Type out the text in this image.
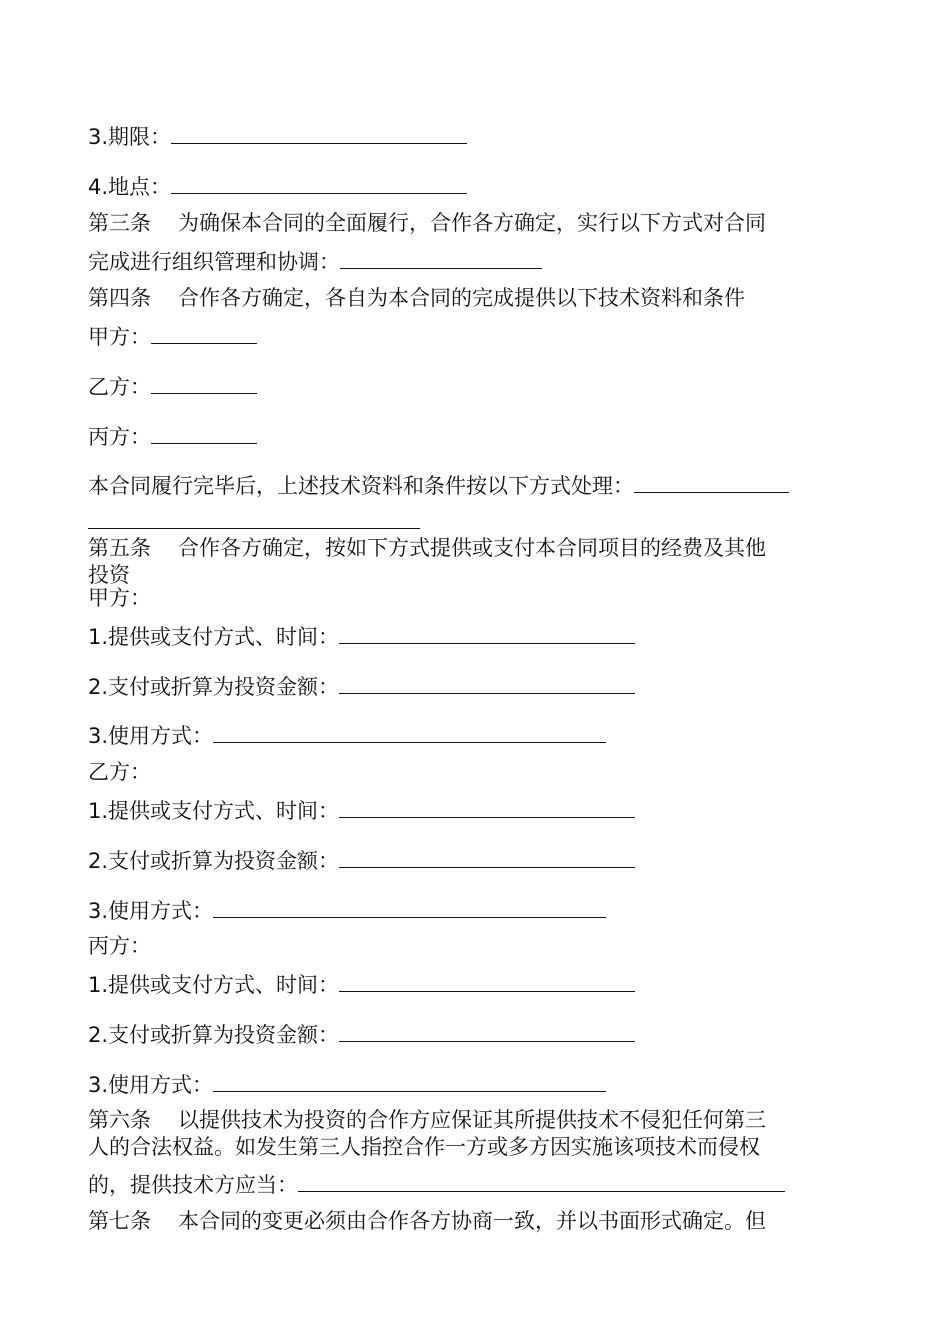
3.期限：

4.地点：

第三条 为确保本合同的全面履行，合作各方确定，实行以下方式对合同

完成进行组织管理和协调：

第四条 合作各方确定，各自为本合同的完成提供以下技术资料和条件

甲方：

乙方：

丙方：

本合同履行完毕后，上述技术资料和条件按以下方式处理：

第五条 合作各方确定，按如下方式提供或支付本合同项目的经费及其他

投资

甲方：

1.提供或支付方式、时间：

2.支付或折算为投资金额：

3.使用方式：

乙方：

1.提供或支付方式、时间：

2.支付或折算为投资金额：

3.使用方式：

丙方：

1.提供或支付方式、时间：

2.支付或折算为投资金额：

3.使用方式：

第六条 以提供技术为投资的合作方应保证其所提供技术不侵犯任何第三

人的合法权益。如发生第三人指控合作一方或多方因实施该项技术而侵权

的，提供技术方应当：

第七条 本合同的变更必须由合作各方协商一致，并以书面形式确定。但
